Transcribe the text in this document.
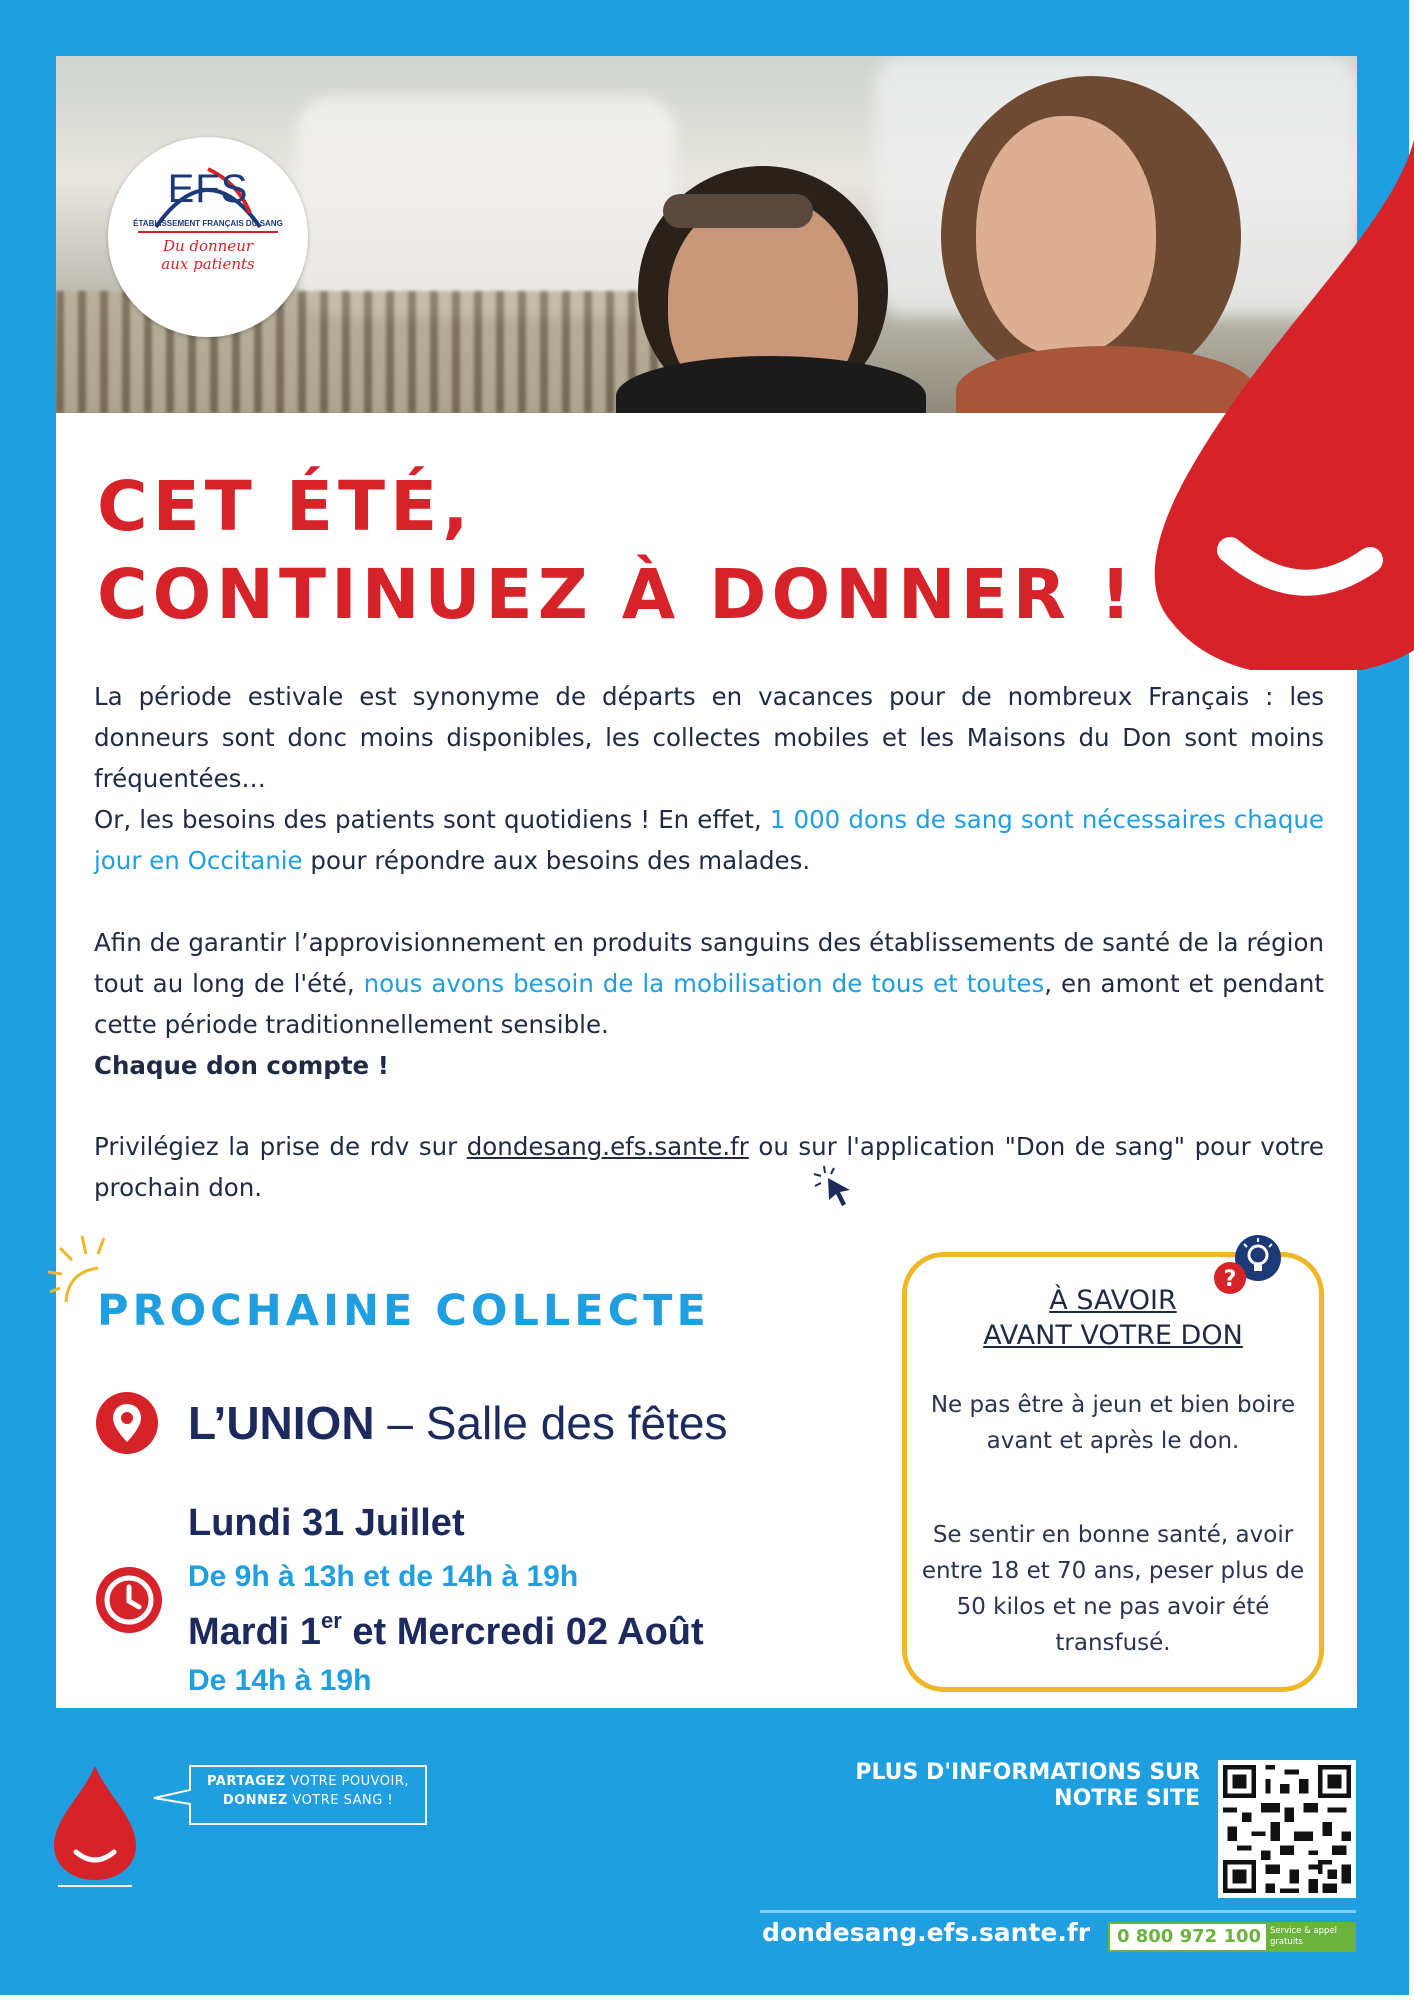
EFS
ÉTABLISSEMENT FRANÇAIS DU SANG
Du donneur
aux patients
CET ÉTÉ,
CONTINUEZ À DONNER !
La période estivale est synonyme de départs en vacances pour de nombreux Français : les donneurs sont donc moins disponibles, les collectes mobiles et les Maisons du Don sont moins fréquentées…
Or, les besoins des patients sont quotidiens ! En effet, 1 000 dons de sang sont nécessaires chaque jour en Occitanie pour répondre aux besoins des malades.
Afin de garantir l’approvisionnement en produits sanguins des établissements de santé de la région tout au long de l'été, nous avons besoin de la mobilisation de tous et toutes, en amont et pendant cette période traditionnellement sensible.
Chaque don compte !
Privilégiez la prise de rdv sur dondesang.efs.sante.fr ou sur l'application "Don de sang" pour votre prochain don.
PROCHAINE COLLECTE
L’UNION – Salle des fêtes
Lundi 31 Juillet
De 9h à 13h et de 14h à 19h
Mardi 1er et Mercredi 02 Août
De 14h à 19h
À SAVOIR
AVANT VOTRE DON
Ne pas être à jeun et bien boire avant et après le don.
Se sentir en bonne santé, avoir entre 18 et 70 ans, peser plus de 50 kilos et ne pas avoir été transfusé.
?
PARTAGEZ VOTRE POUVOIR,
DONNEZ VOTRE SANG !
PLUS D'INFORMATIONS SUR
NOTRE SITE
dondesang.efs.sante.fr 0 800 972 100	Service & appel gratuits
